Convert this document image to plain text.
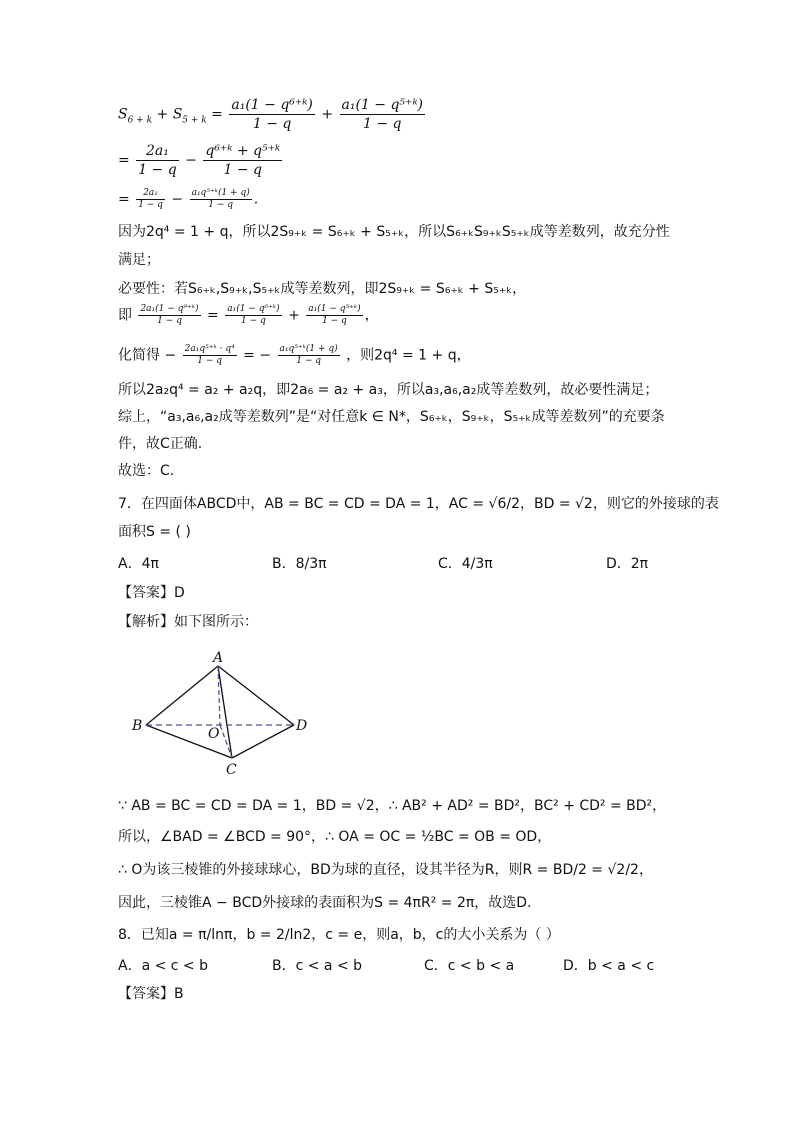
$S_{6 + k} + S_{5 + k} = \frac{\text{a₁(1 − q⁶⁺ᵏ)}}{1 - q} + \frac{\text{a₁(1 − q⁵⁺ᵏ)}}{1 - q}$
= $\frac{\text{2a₁}}{1 - q} - \frac{\text{q⁶⁺ᵏ + q⁵⁺ᵏ}}{1 - q}$
= $\frac{\text{2a₁}}{1 - q} - \frac{\text{a₁q⁵⁺ᵏ(1 + q)}}{1 - q}$ .
因为2q⁴ = 1 + q，所以2S₉₊ₖ = S₆₊ₖ + S₅₊ₖ，所以S₆₊ₖS₉₊ₖS₅₊ₖ成等差数列，故充分性
满足；
必要性：若S₆₊ₖ,S₉₊ₖ,S₅₊ₖ成等差数列，即2S₉₊ₖ = S₆₊ₖ + S₅₊ₖ，
即 $\frac{\text{2a₁(1 − q⁹⁺ᵏ)}}{1 - q} = \frac{\text{a₁(1 − q⁶⁺ᵏ)}}{1 - q} + \frac{\text{a₁(1 − q⁵⁺ᵏ)}}{1 - q}$ ，
化简得 − $\frac{\text{2a₁q⁵⁺ᵏ · q⁴}}{1 - q}$ = − $\frac{\text{a₁q⁵⁺ᵏ(1 + q)}}{1 - q}$ ，则2q⁴ = 1 + q，
所以2a₂q⁴ = a₂ + a₂q，即2a₆ = a₂ + a₃，所以a₃,a₆,a₂成等差数列，故必要性满足；
综上，“a₃,a₆,a₂成等差数列”是“对任意k ∈ N*，S₆₊ₖ，S₉₊ₖ，S₅₊ₖ成等差数列”的充要条
件，故C正确.
故选：C.
7．在四面体ABCD中，AB = BC = CD = DA = 1，AC = √6/2，BD = √2，则它的外接球的表
面积S = ( )
A．4π	B．8/3π	C．4/3π	D．2π
【答案】D
【解析】如下图所示：
A
B
C
D
O
∵ AB = BC = CD = DA = 1，BD = √2，∴ AB² + AD² = BD²，BC² + CD² = BD²，
所以，∠BAD = ∠BCD = 90°，∴ OA = OC = ½BC = OB = OD，
∴ O为该三棱锥的外接球球心，BD为球的直径，设其半径为R，则R = BD/2 = √2/2，
因此，三棱锥A − BCD外接球的表面积为S = 4πR² = 2π，故选D.
8．已知a = π/lnπ，b = 2/ln2，c = e，则a，b，c的大小关系为（ ）
A．a < c < b	B．c < a < b	C．c < b < a	D．b < a < c
【答案】B
